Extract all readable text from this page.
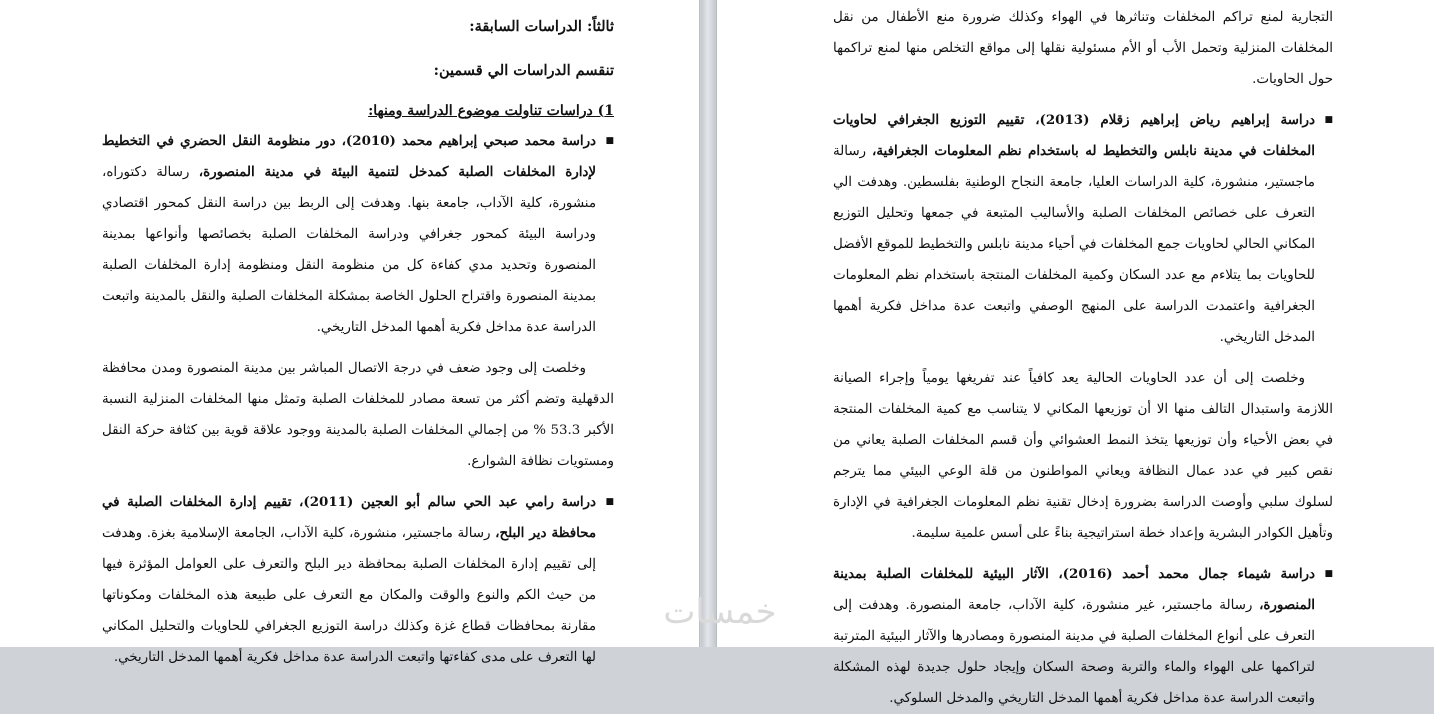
ثالثاً: الدراسات السابقة:

تنقسم الدراسات الي قسمين:

1) دراسات تناولت موضوع الدراسة ومنها:

■ دراسة محمد صبحي إبراهيم محمد (2010)، دور منظومة النقل الحضري في التخطيط لإدارة المخلفات الصلبة كمدخل لتنمية البيئة في مدينة المنصورة، رسالة دكتوراه، منشورة، كلية الآداب، جامعة بنها. وهدفت إلى الربط بين دراسة النقل كمحور اقتصادي ودراسة البيئة كمحور جغرافي ودراسة المخلفات الصلبة بخصائصها وأنواعها بمدينة المنصورة وتحديد مدي كفاءة كل من منظومة النقل ومنظومة إدارة المخلفات الصلبة بمدينة المنصورة واقتراح الحلول الخاصة بمشكلة المخلفات الصلبة والنقل بالمدينة واتبعت الدراسة عدة مداخل فكرية أهمها المدخل التاريخي.

وخلصت إلى وجود ضعف في درجة الاتصال المباشر بين مدينة المنصورة ومدن محافظة الدقهلية وتضم أكثر من تسعة مصادر للمخلفات الصلبة وتمثل منها المخلفات المنزلية النسبة الأكبر 53.3 % من إجمالي المخلفات الصلبة بالمدينة ووجود علاقة قوية بين كثافة حركة النقل ومستويات نظافة الشوارع.

■ دراسة رامي عبد الحي سالم أبو العجين (2011)، تقييم إدارة المخلفات الصلبة في محافظة دير البلح، رسالة ماجستير، منشورة، كلية الآداب، الجامعة الإسلامية بغزة. وهدفت إلى تقييم إدارة المخلفات الصلبة بمحافظة دير البلح والتعرف على العوامل المؤثرة فيها من حيث الكم والنوع والوقت والمكان مع التعرف على طبيعة هذه المخلفات ومكوناتها مقارنة بمحافظات قطاع غزة وكذلك دراسة التوزيع الجغرافي للحاويات والتحليل المكاني لها التعرف على مدى كفاءتها واتبعت الدراسة عدة مداخل فكرية أهمها المدخل التاريخي.

التجارية لمنع تراكم المخلفات وتناثرها في الهواء وكذلك ضرورة منع الأطفال من نقل المخلفات المنزلية وتحمل الأب أو الأم مسئولية نقلها إلى مواقع التخلص منها لمنع تراكمها حول الحاويات.

■ دراسة إبراهيم رياض إبراهيم زقلام (2013)، تقييم التوزيع الجغرافي لحاويات المخلفات في مدينة نابلس والتخطيط له باستخدام نظم المعلومات الجغرافية، رسالة ماجستير، منشورة، كلية الدراسات العليا، جامعة النجاح الوطنية بفلسطين. وهدفت الي التعرف على خصائص المخلفات الصلبة والأساليب المتبعة في جمعها وتحليل التوزيع المكاني الحالي لحاويات جمع المخلفات في أحياء مدينة نابلس والتخطيط للموقع الأفضل للحاويات بما يتلاءم مع عدد السكان وكمية المخلفات المنتجة باستخدام نظم المعلومات الجغرافية واعتمدت الدراسة على المنهج الوصفي واتبعت عدة مداخل فكرية أهمها المدخل التاريخي.

وخلصت إلى أن عدد الحاويات الحالية يعد كافياً عند تفريغها يومياً وإجراء الصيانة اللازمة واستبدال التالف منها الا أن توزيعها المكاني لا يتناسب مع كمية المخلفات المنتجة في بعض الأحياء وأن توزيعها يتخذ النمط العشوائي وأن قسم المخلفات الصلبة يعاني من نقص كبير في عدد عمال النظافة ويعاني المواطنون من قلة الوعي البيئي مما يترجم لسلوك سلبي وأوصت الدراسة بضرورة إدخال تقنية نظم المعلومات الجغرافية في الإدارة وتأهيل الكوادر البشرية وإعداد خطة استراتيجية بناءً على أسس علمية سليمة.

■ دراسة شيماء جمال محمد أحمد (2016)، الآثار البيئية للمخلفات الصلبة بمدينة المنصورة، رسالة ماجستير، غير منشورة، كلية الآداب، جامعة المنصورة. وهدفت إلى التعرف على أنواع المخلفات الصلبة في مدينة المنصورة ومصادرها والآثار البيئية المترتبة لتراكمها على الهواء والماء والتربة وصحة السكان وإيجاد حلول جديدة لهذه المشكلة واتبعت الدراسة عدة مداخل فكرية أهمها المدخل التاريخي والمدخل السلوكي.

خمسات
